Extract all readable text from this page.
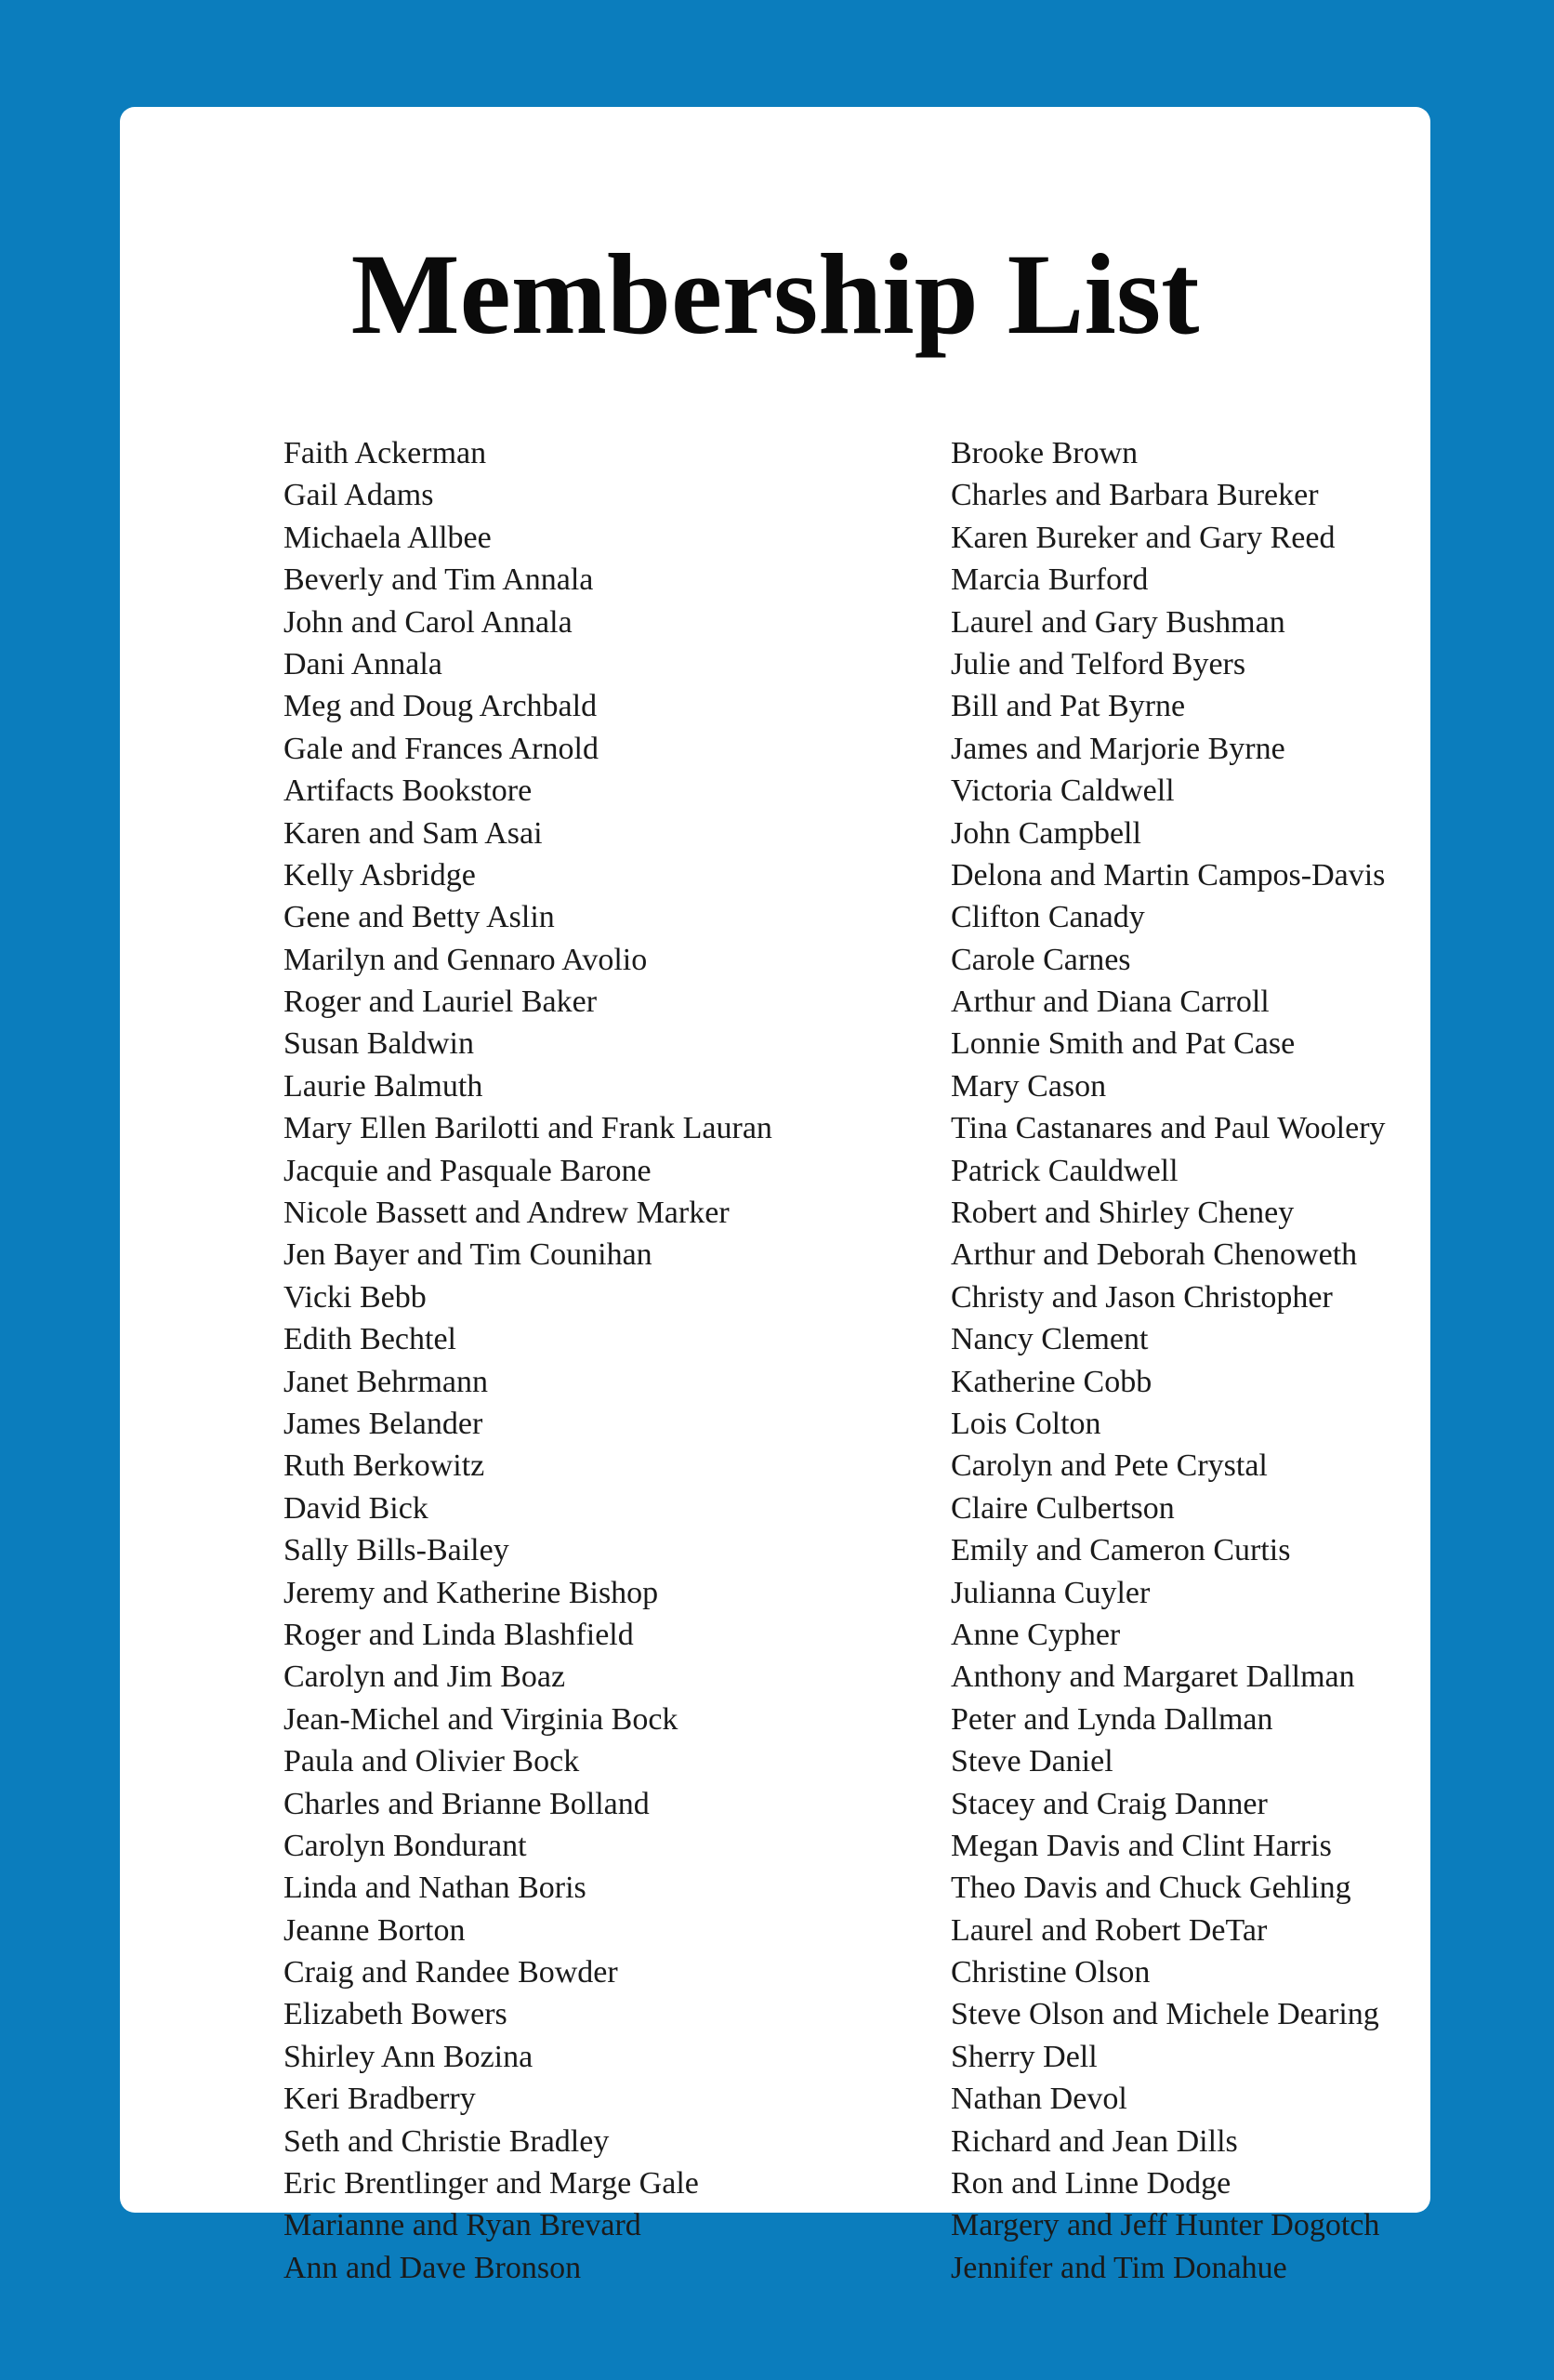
Membership List
Faith Ackerman
Gail Adams
Michaela Allbee
Beverly and Tim Annala
John and Carol Annala
Dani Annala
Meg and Doug Archbald
Gale and Frances Arnold
Artifacts Bookstore
Karen and Sam Asai
Kelly Asbridge
Gene and Betty Aslin
Marilyn and Gennaro Avolio
Roger and Lauriel Baker
Susan Baldwin
Laurie Balmuth
Mary Ellen Barilotti and Frank Lauran
Jacquie and Pasquale Barone
Nicole Bassett and Andrew Marker
Jen Bayer and Tim Counihan
Vicki Bebb
Edith Bechtel
Janet Behrmann
James Belander
Ruth Berkowitz
David Bick
Sally Bills-Bailey
Jeremy and Katherine Bishop
Roger and Linda Blashfield
Carolyn and Jim Boaz
Jean-Michel and Virginia Bock
Paula and Olivier Bock
Charles and Brianne Bolland
Carolyn Bondurant
Linda and Nathan Boris
Jeanne Borton
Craig and Randee Bowder
Elizabeth Bowers
Shirley Ann Bozina
Keri Bradberry
Seth and Christie Bradley
Eric Brentlinger and Marge Gale
Marianne and Ryan Brevard
Ann and Dave Bronson
Brooke Brown
Charles and Barbara Bureker
Karen Bureker and Gary Reed
Marcia Burford
Laurel and Gary Bushman
Julie and Telford Byers
Bill and Pat Byrne
James and Marjorie Byrne
Victoria Caldwell
John Campbell
Delona and Martin Campos-Davis
Clifton Canady
Carole Carnes
Arthur and Diana Carroll
Lonnie Smith and Pat Case
Mary Cason
Tina Castanares and Paul Woolery
Patrick Cauldwell
Robert and Shirley Cheney
Arthur and Deborah Chenoweth
Christy and Jason Christopher
Nancy Clement
Katherine Cobb
Lois Colton
Carolyn and Pete Crystal
Claire Culbertson
Emily and Cameron Curtis
Julianna Cuyler
Anne Cypher
Anthony and Margaret Dallman
Peter and Lynda Dallman
Steve Daniel
Stacey and Craig Danner
Megan Davis and Clint Harris
Theo Davis and Chuck Gehling
Laurel and Robert DeTar
Christine Olson
Steve Olson and Michele Dearing
Sherry Dell
Nathan Devol
Richard and Jean Dills
Ron and Linne Dodge
Margery and Jeff Hunter Dogotch
Jennifer and Tim Donahue
